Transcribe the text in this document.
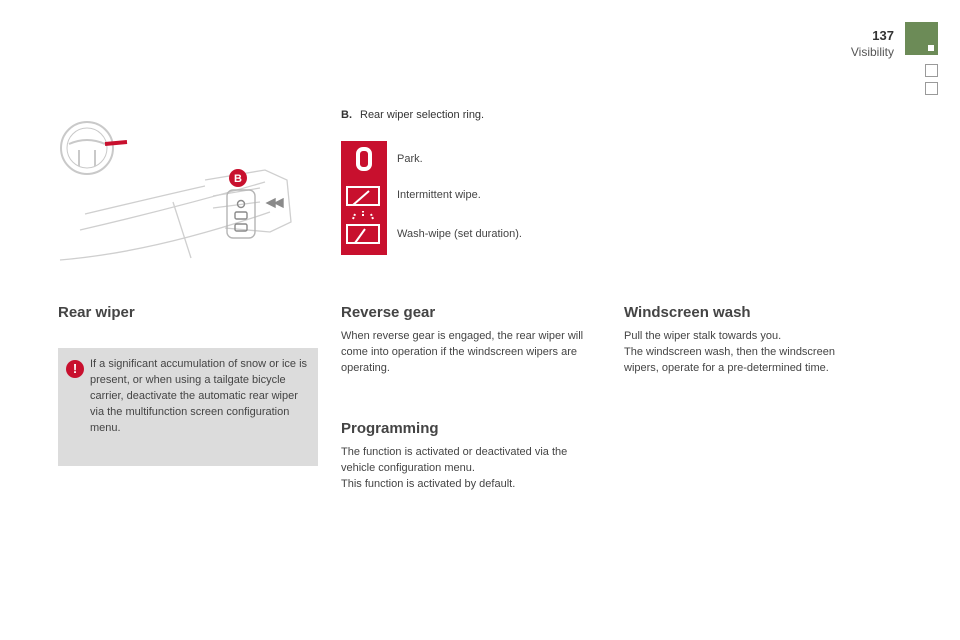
137
Visibility
B
B. Rear wiper selection ring.
Park.
Intermittent wipe.
Wash-wipe (set duration).
Rear wiper
!	If a significant accumulation of snow or ice is present, or when using a tailgate bicycle carrier, deactivate the automatic rear wiper via the multifunction screen configuration menu.
Reverse gear
When reverse gear is engaged, the rear wiper will come into operation if the windscreen wipers are operating.
Programming
The function is activated or deactivated via the vehicle configuration menu.
This function is activated by default.
Windscreen wash
Pull the wiper stalk towards you.
The windscreen wash, then the windscreen wipers, operate for a pre-determined time.
